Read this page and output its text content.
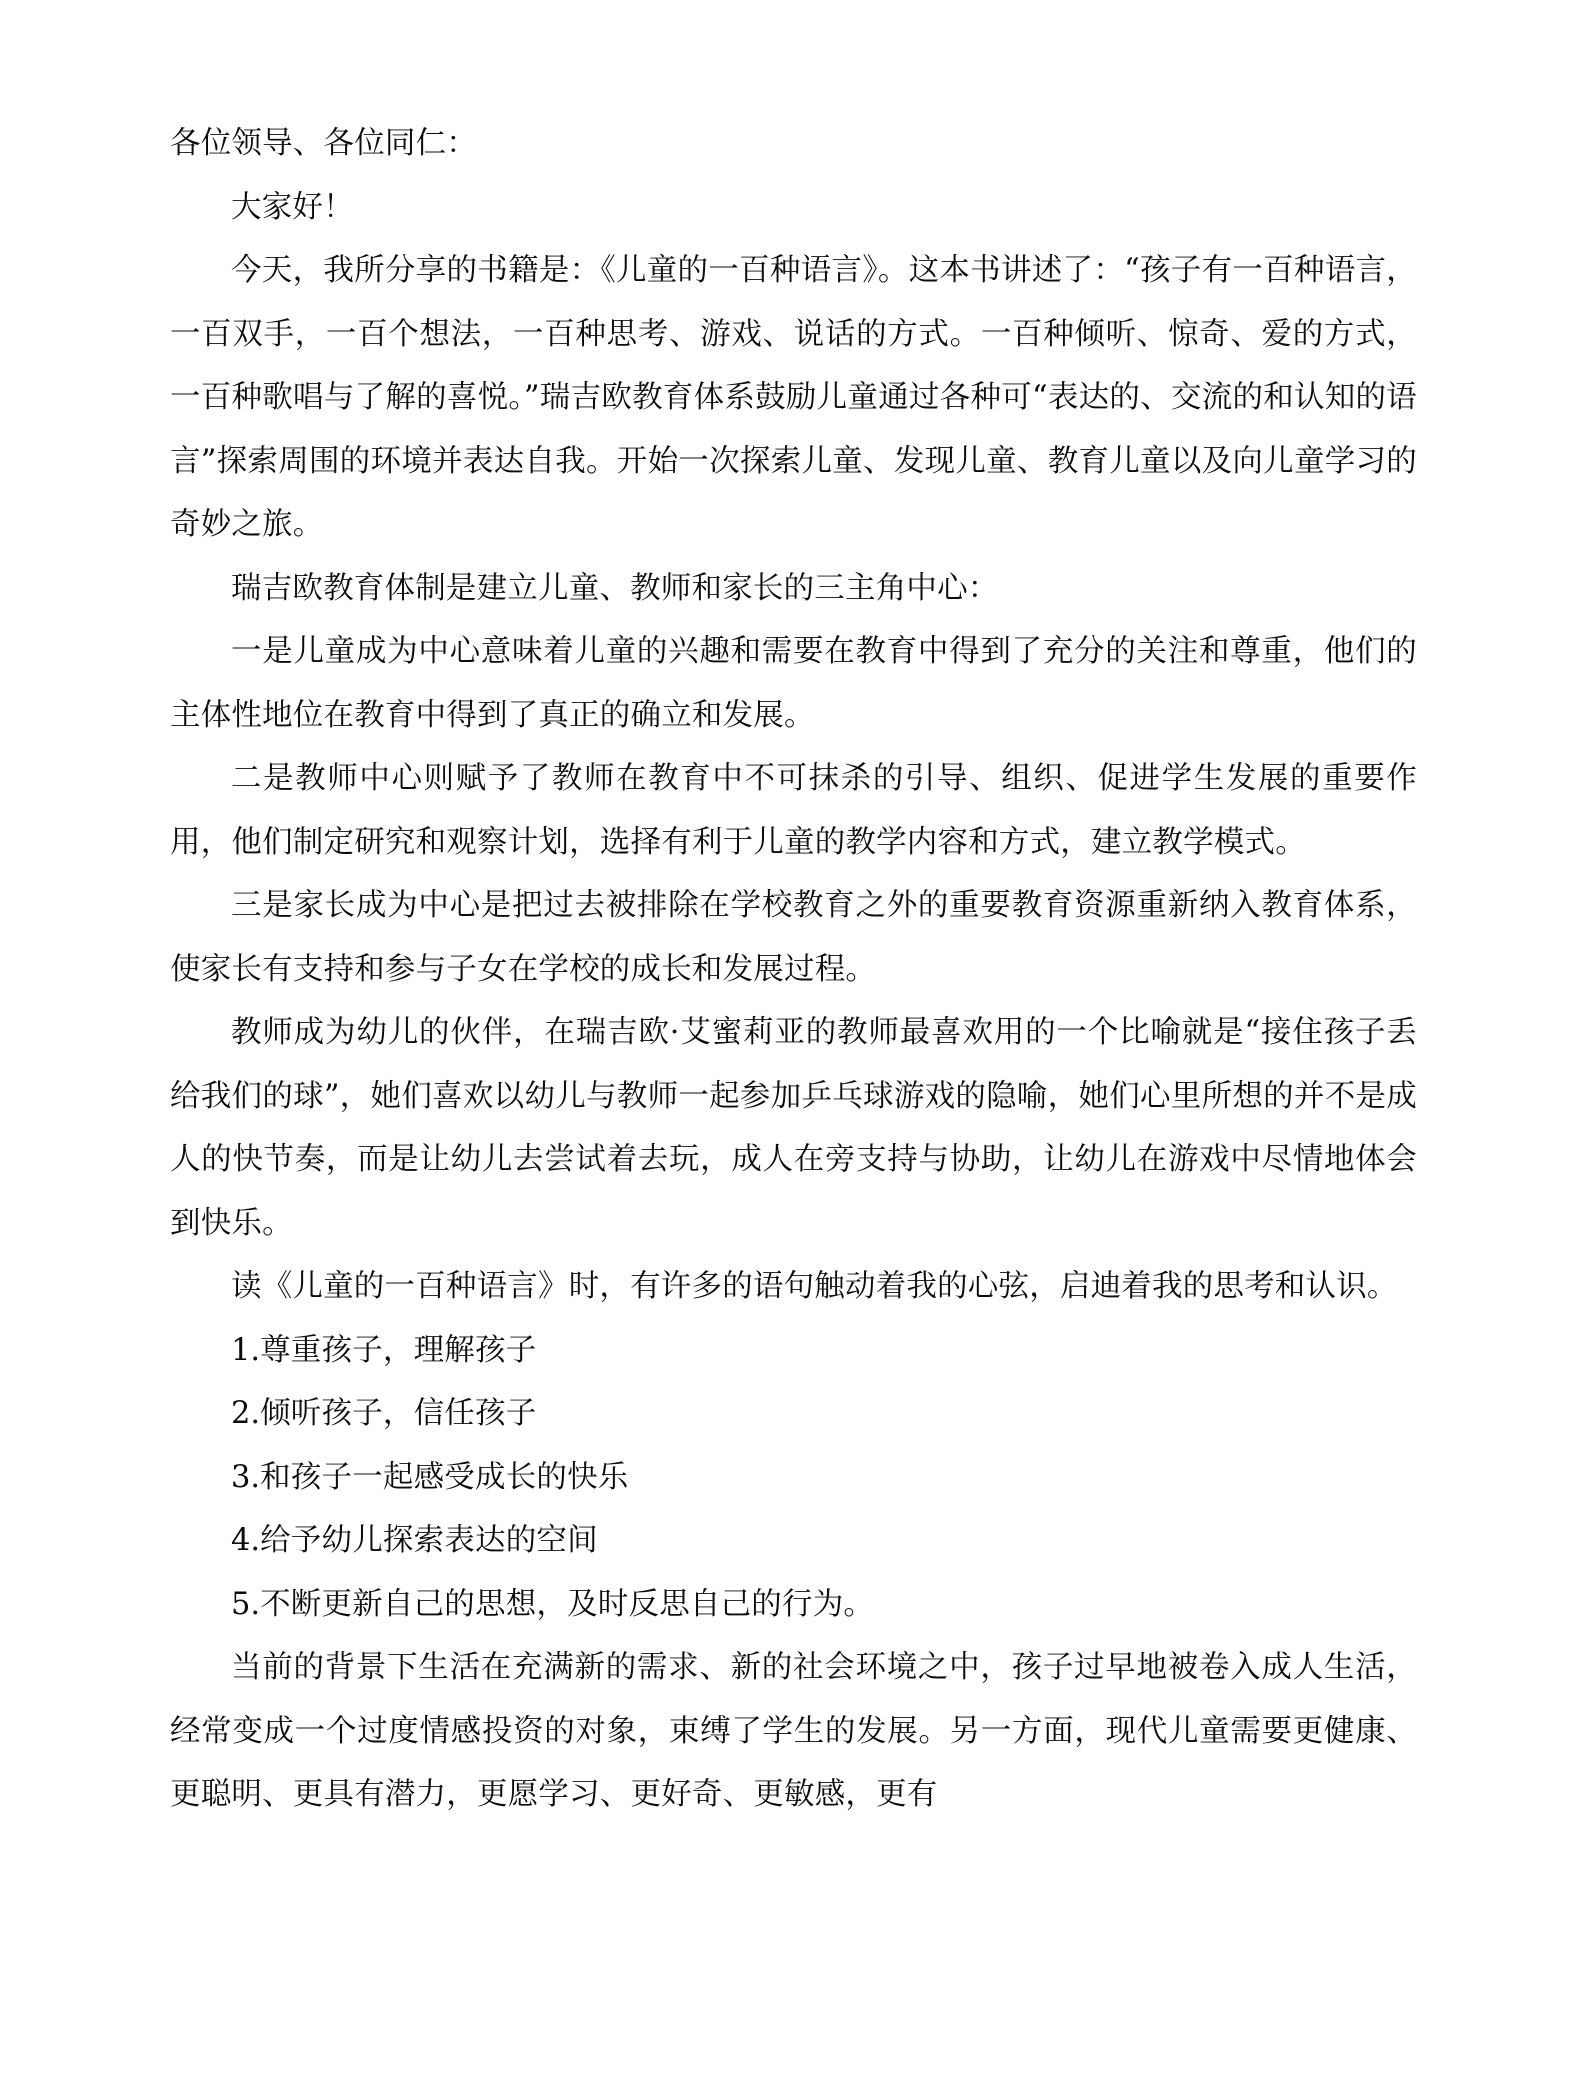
各位领导、各位同仁：

大家好！

今天，我所分享的书籍是：《儿童的一百种语言》。这本书讲述了：“孩子有一百种语言，一百双手，一百个想法，一百种思考、游戏、说话的方式。一百种倾听、惊奇、爱的方式，一百种歌唱与了解的喜悦。”瑞吉欧教育体系鼓励儿童通过各种可“表达的、交流的和认知的语言”探索周围的环境并表达自我。开始一次探索儿童、发现儿童、教育儿童以及向儿童学习的奇妙之旅。

瑞吉欧教育体制是建立儿童、教师和家长的三主角中心：

一是儿童成为中心意味着儿童的兴趣和需要在教育中得到了充分的关注和尊重，他们的主体性地位在教育中得到了真正的确立和发展。

二是教师中心则赋予了教师在教育中不可抹杀的引导、组织、促进学生发展的重要作用，他们制定研究和观察计划，选择有利于儿童的教学内容和方式，建立教学模式。

三是家长成为中心是把过去被排除在学校教育之外的重要教育资源重新纳入教育体系，使家长有支持和参与子女在学校的成长和发展过程。

教师成为幼儿的伙伴，在瑞吉欧·艾蜜莉亚的教师最喜欢用的一个比喻就是“接住孩子丢给我们的球”，她们喜欢以幼儿与教师一起参加乒乓球游戏的隐喻，她们心里所想的并不是成人的快节奏，而是让幼儿去尝试着去玩，成人在旁支持与协助，让幼儿在游戏中尽情地体会到快乐。

读《儿童的一百种语言》时，有许多的语句触动着我的心弦，启迪着我的思考和认识。

1.尊重孩子，理解孩子

2.倾听孩子，信任孩子

3.和孩子一起感受成长的快乐

4.给予幼儿探索表达的空间

5.不断更新自己的思想，及时反思自己的行为。

当前的背景下生活在充满新的需求、新的社会环境之中，孩子过早地被卷入成人生活，经常变成一个过度情感投资的对象，束缚了学生的发展。另一方面，现代儿童需要更健康、更聪明、更具有潜力，更愿学习、更好奇、更敏感，更有
